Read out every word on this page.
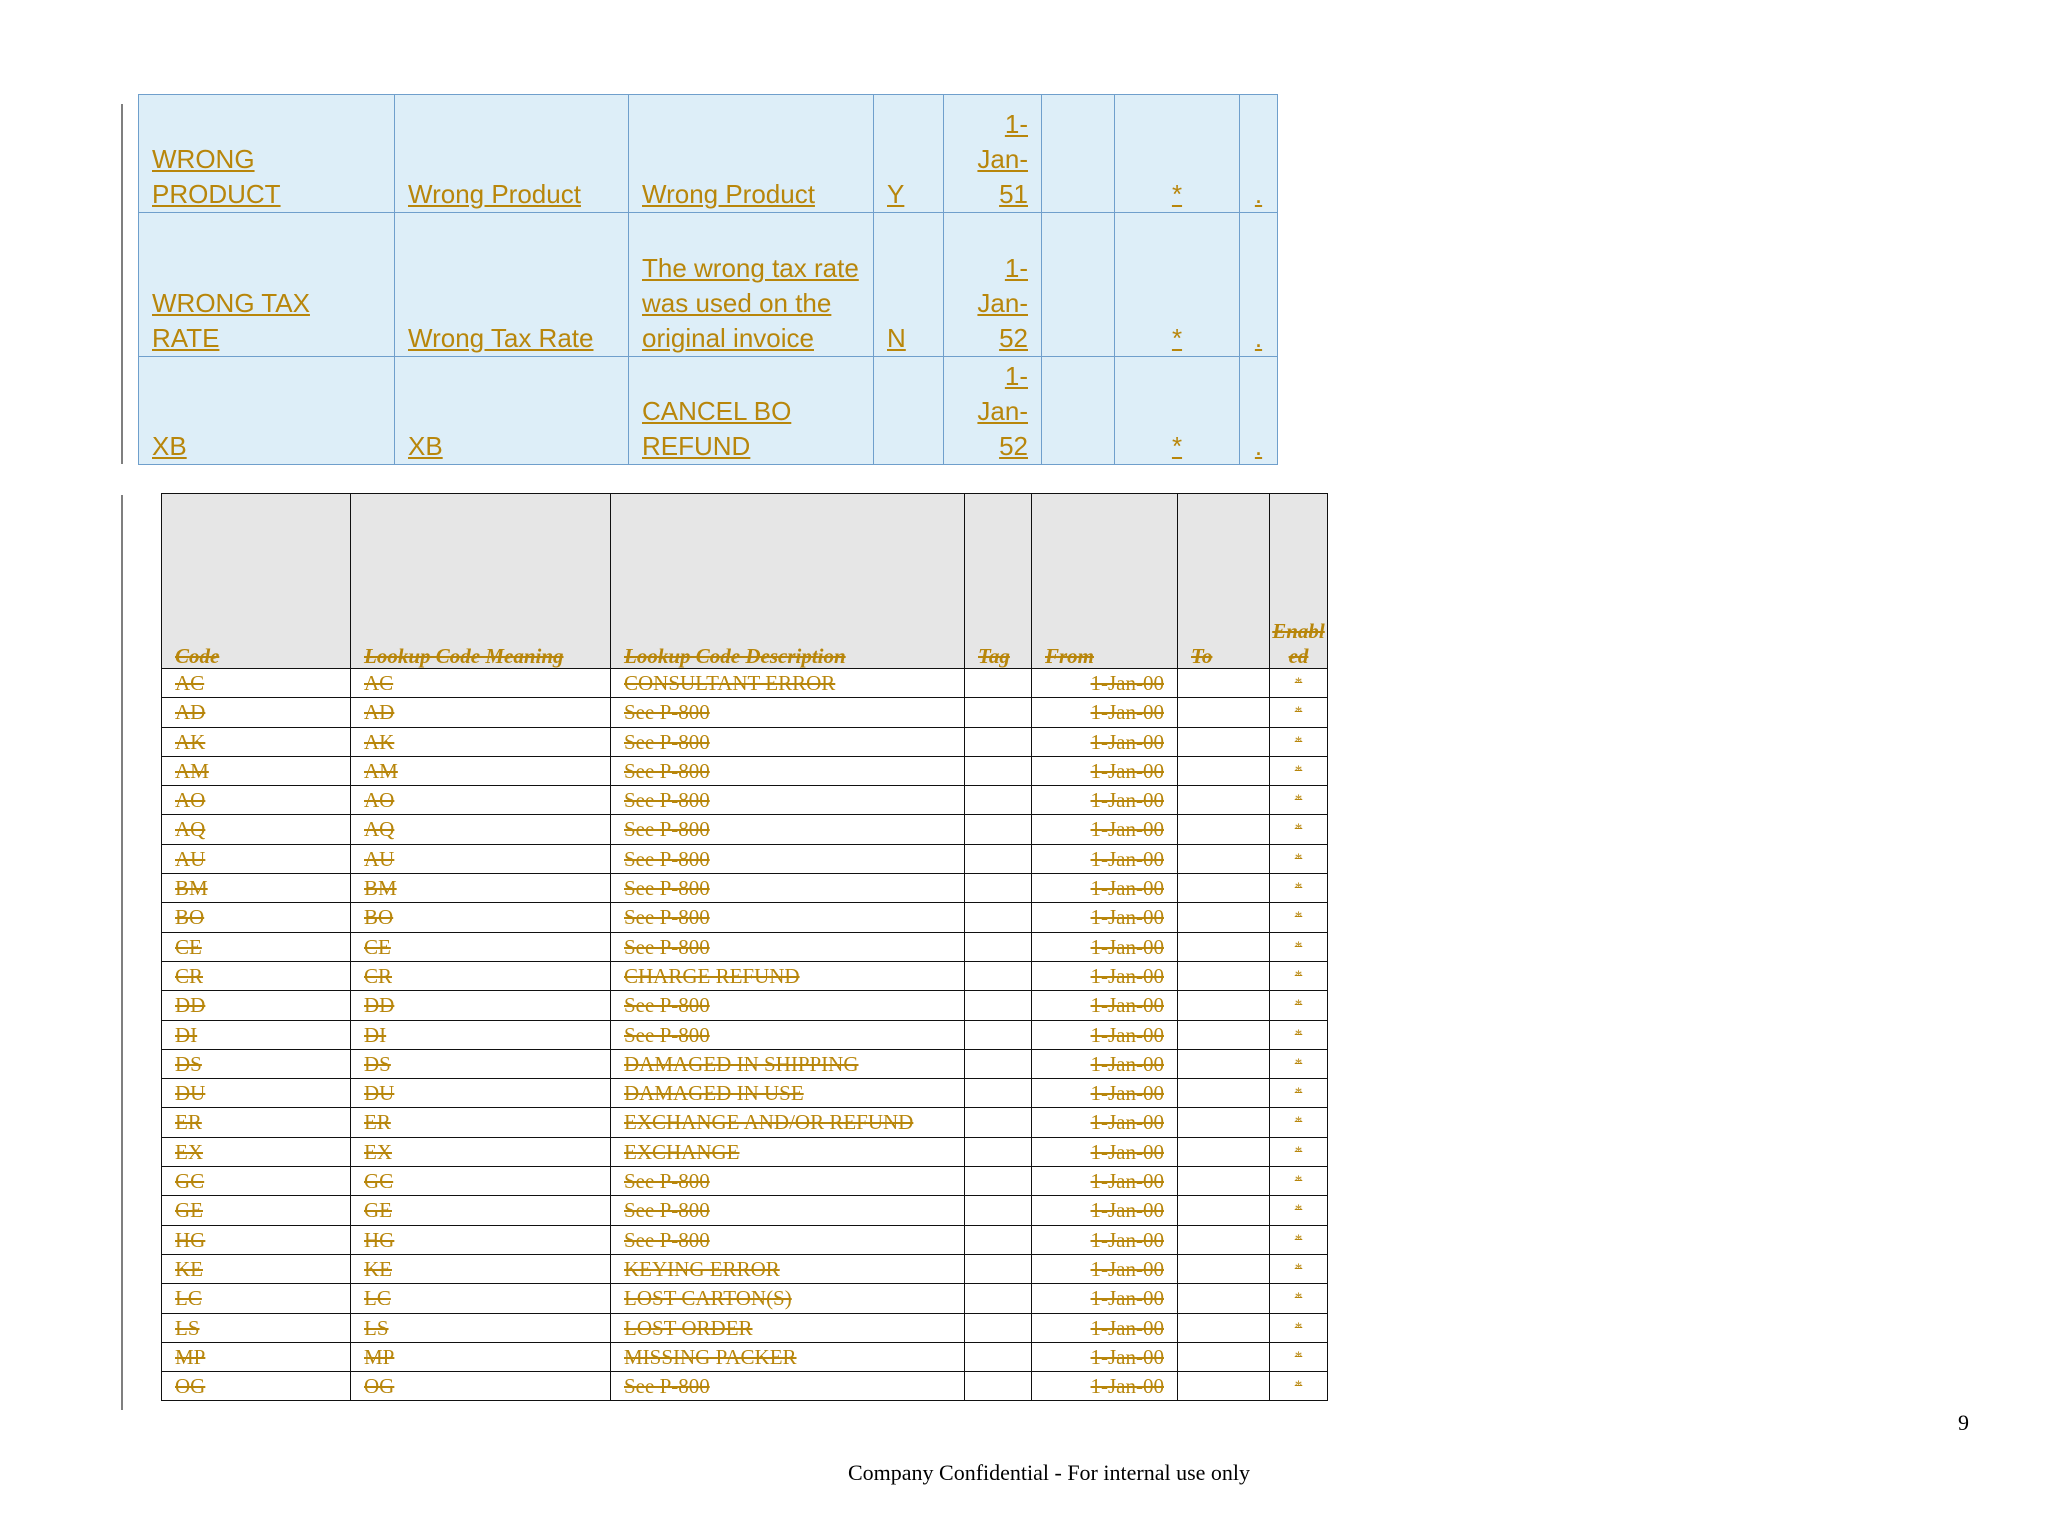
WRONG PRODUCT	Wrong Product	Wrong Product	Y	1-Jan-51		*	.
WRONG TAX RATE	Wrong Tax Rate	The wrong tax rate was used on the original invoice	N	1-Jan-52		*	.
XB	XB	CANCEL BO REFUND		1-Jan-52		*	.
Code	Lookup Code Meaning	Lookup Code Description	Tag	From	To	Enabled
AC	AC	CONSULTANT ERROR		1-Jan-00		*
AD	AD	See P-800		1-Jan-00		*
AK	AK	See P-800		1-Jan-00		*
AM	AM	See P-800		1-Jan-00		*
AO	AO	See P-800		1-Jan-00		*
AQ	AQ	See P-800		1-Jan-00		*
AU	AU	See P-800		1-Jan-00		*
BM	BM	See P-800		1-Jan-00		*
BO	BO	See P-800		1-Jan-00		*
CE	CE	See P-800		1-Jan-00		*
CR	CR	CHARGE REFUND		1-Jan-00		*
DD	DD	See P-800		1-Jan-00		*
DI	DI	See P-800		1-Jan-00		*
DS	DS	DAMAGED IN SHIPPING		1-Jan-00		*
DU	DU	DAMAGED IN USE		1-Jan-00		*
ER	ER	EXCHANGE AND/OR REFUND		1-Jan-00		*
EX	EX	EXCHANGE		1-Jan-00		*
GC	GC	See P-800		1-Jan-00		*
GE	GE	See P-800		1-Jan-00		*
HG	HG	See P-800		1-Jan-00		*
KE	KE	KEYING ERROR		1-Jan-00		*
LC	LC	LOST CARTON(S)		1-Jan-00		*
LS	LS	LOST ORDER		1-Jan-00		*
MP	MP	MISSING PACKER		1-Jan-00		*
OG	OG	See P-800		1-Jan-00		*
9
Company Confidential - For internal use only
